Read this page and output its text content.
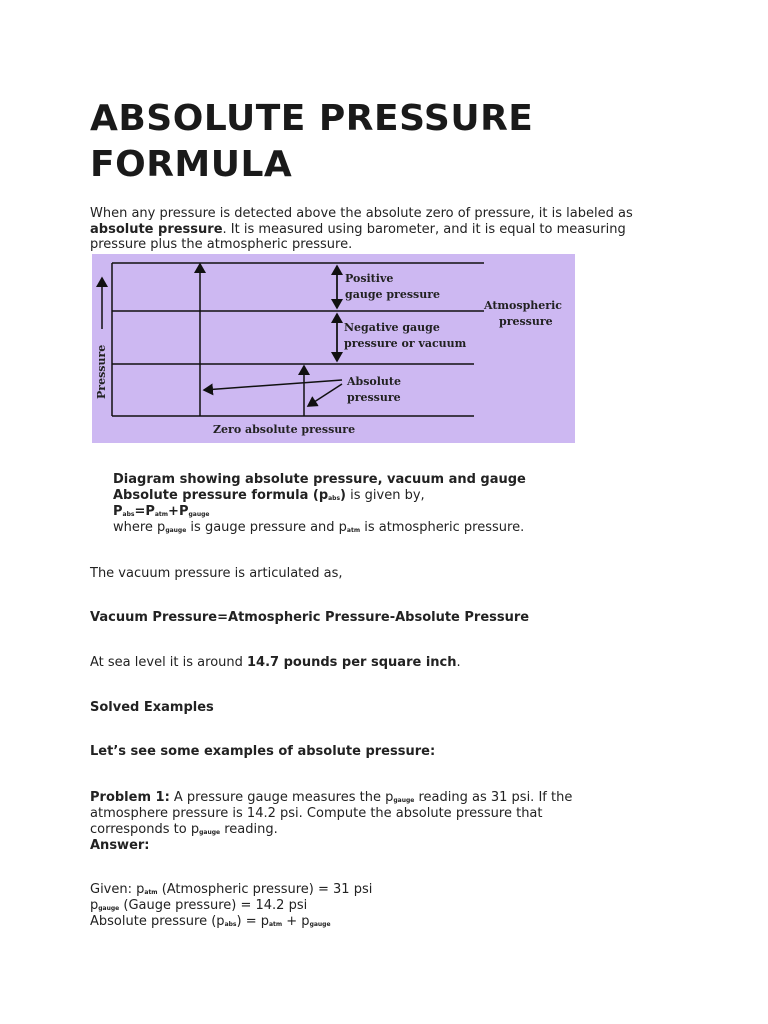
ABSOLUTE PRESSURE
FORMULA
When any pressure is detected above the absolute zero of pressure, it is labeled as absolute pressure. It is measured using barometer, and it is equal to measuring pressure plus the atmospheric pressure.
Positive
gauge pressure
Negative gauge
pressure or vacuum
Atmospheric
pressure
Absolute
pressure
Zero absolute pressure
Pressure
Diagram showing absolute pressure, vacuum and gauge
Absolute pressure formula $(p_{abs})$ is given by,
$P_{abs}=P_{atm}+P_{gauge}$
where $p_{gauge}$ is gauge pressure and $p_{atm}$ is atmospheric pressure.
The vacuum pressure is articulated as,
Vacuum Pressure=Atmospheric Pressure-Absolute Pressure
At sea level it is around 14.7 pounds per square inch.
Solved Examples
Let’s see some examples of absolute pressure:
Problem 1: A pressure gauge measures the $p_{gauge}$ reading as 31 psi. If the
atmosphere pressure is 14.2 psi. Compute the absolute pressure that
corresponds to $p_{gauge}$ reading.
Answer:
Given: $p_{atm}$ (Atmospheric pressure) = 31 psi
$p_{gauge}$ (Gauge pressure) = 14.2 psi
Absolute pressure $(p_{abs}) = p_{atm} + p_{gauge}$
